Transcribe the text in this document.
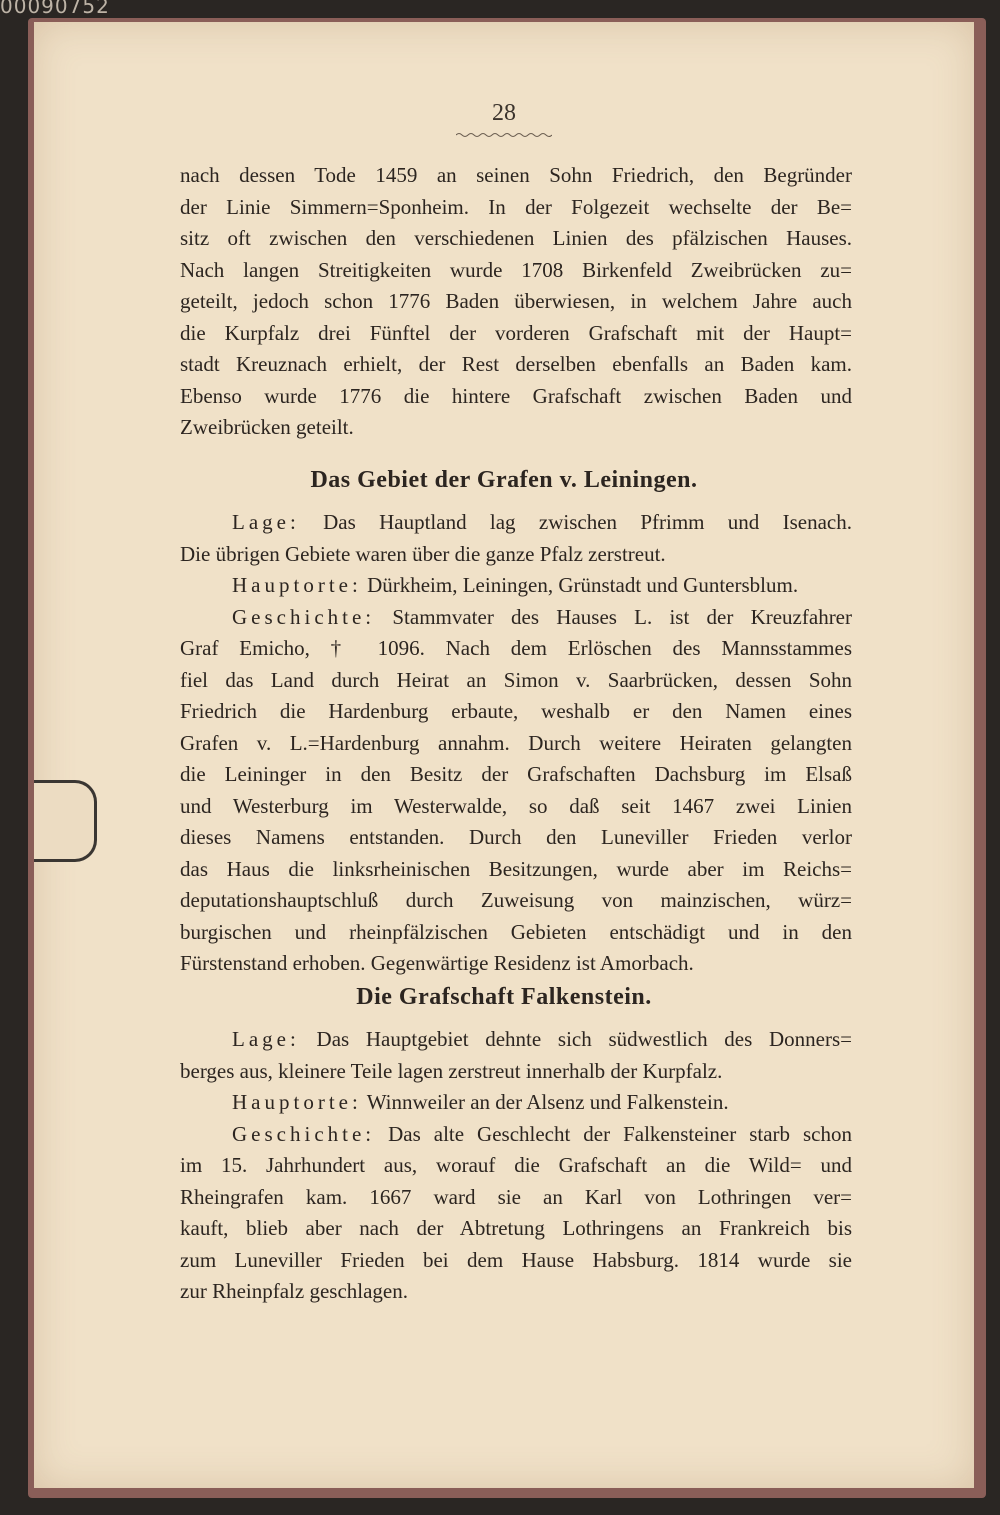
00090752
28
nach dessen Tode 1459 an seinen Sohn Friedrich, den Begründer
der Linie Simmern=Sponheim. In der Folgezeit wechselte der Be=
sitz oft zwischen den verschiedenen Linien des pfälzischen Hauses.
Nach langen Streitigkeiten wurde 1708 Birkenfeld Zweibrücken zu=
geteilt, jedoch schon 1776 Baden überwiesen, in welchem Jahre auch
die Kurpfalz drei Fünftel der vorderen Grafschaft mit der Haupt=
stadt Kreuznach erhielt, der Rest derselben ebenfalls an Baden kam.
Ebenso wurde 1776 die hintere Grafschaft zwischen Baden und
Zweibrücken geteilt.
Das Gebiet der Grafen v. Leiningen.
Lage: Das Hauptland lag zwischen Pfrimm und Isenach.
Die übrigen Gebiete waren über die ganze Pfalz zerstreut.
Hauptorte: Dürkheim, Leiningen, Grünstadt und Guntersblum.
Geschichte: Stammvater des Hauses L. ist der Kreuzfahrer
Graf Emicho, † 1096. Nach dem Erlöschen des Mannsstammes
fiel das Land durch Heirat an Simon v. Saarbrücken, dessen Sohn
Friedrich die Hardenburg erbaute, weshalb er den Namen eines
Grafen v. L.=Hardenburg annahm. Durch weitere Heiraten gelangten
die Leininger in den Besitz der Grafschaften Dachsburg im Elsaß
und Westerburg im Westerwalde, so daß seit 1467 zwei Linien
dieses Namens entstanden. Durch den Luneviller Frieden verlor
das Haus die linksrheinischen Besitzungen, wurde aber im Reichs=
deputationshauptschluß durch Zuweisung von mainzischen, würz=
burgischen und rheinpfälzischen Gebieten entschädigt und in den
Fürstenstand erhoben. Gegenwärtige Residenz ist Amorbach.
Die Grafschaft Falkenstein.
Lage: Das Hauptgebiet dehnte sich südwestlich des Donners=
berges aus, kleinere Teile lagen zerstreut innerhalb der Kurpfalz.
Hauptorte: Winnweiler an der Alsenz und Falkenstein.
Geschichte: Das alte Geschlecht der Falkensteiner starb schon
im 15. Jahrhundert aus, worauf die Grafschaft an die Wild= und
Rheingrafen kam. 1667 ward sie an Karl von Lothringen ver=
kauft, blieb aber nach der Abtretung Lothringens an Frankreich bis
zum Luneviller Frieden bei dem Hause Habsburg. 1814 wurde sie
zur Rheinpfalz geschlagen.
